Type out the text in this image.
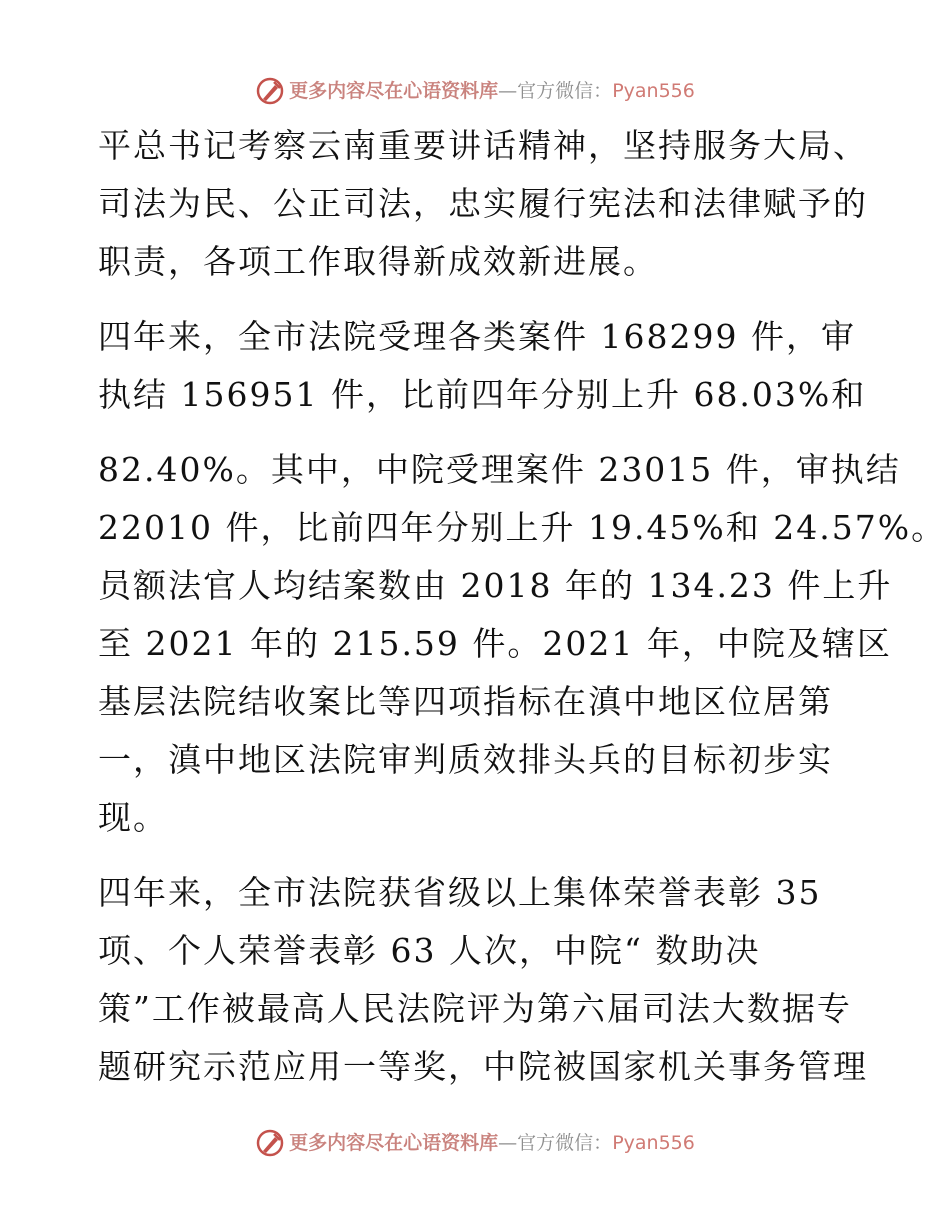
更多内容尽在心语资料库—官方微信：Pyan556
平总书记考察云南重要讲话精神，坚持服务大局、
司法为民、公正司法，忠实履行宪法和法律赋予的
职责，各项工作取得新成效新进展。
四年来，全市法院受理各类案件 168299 件，审
执结 156951 件，比前四年分别上升 68.03%和
82.40%。其中，中院受理案件 23015 件，审执结
22010 件，比前四年分别上升 19.45%和 24.57%。
员额法官人均结案数由 2018 年的 134.23 件上升
至 2021 年的 215.59 件。2021 年，中院及辖区
基层法院结收案比等四项指标在滇中地区位居第
一，滇中地区法院审判质效排头兵的目标初步实
现。
四年来，全市法院获省级以上集体荣誉表彰 35
项、个人荣誉表彰 63 人次，中院“ 数助决
策”工作被最高人民法院评为第六届司法大数据专
题研究示范应用一等奖，中院被国家机关事务管理
更多内容尽在心语资料库—官方微信：Pyan556
